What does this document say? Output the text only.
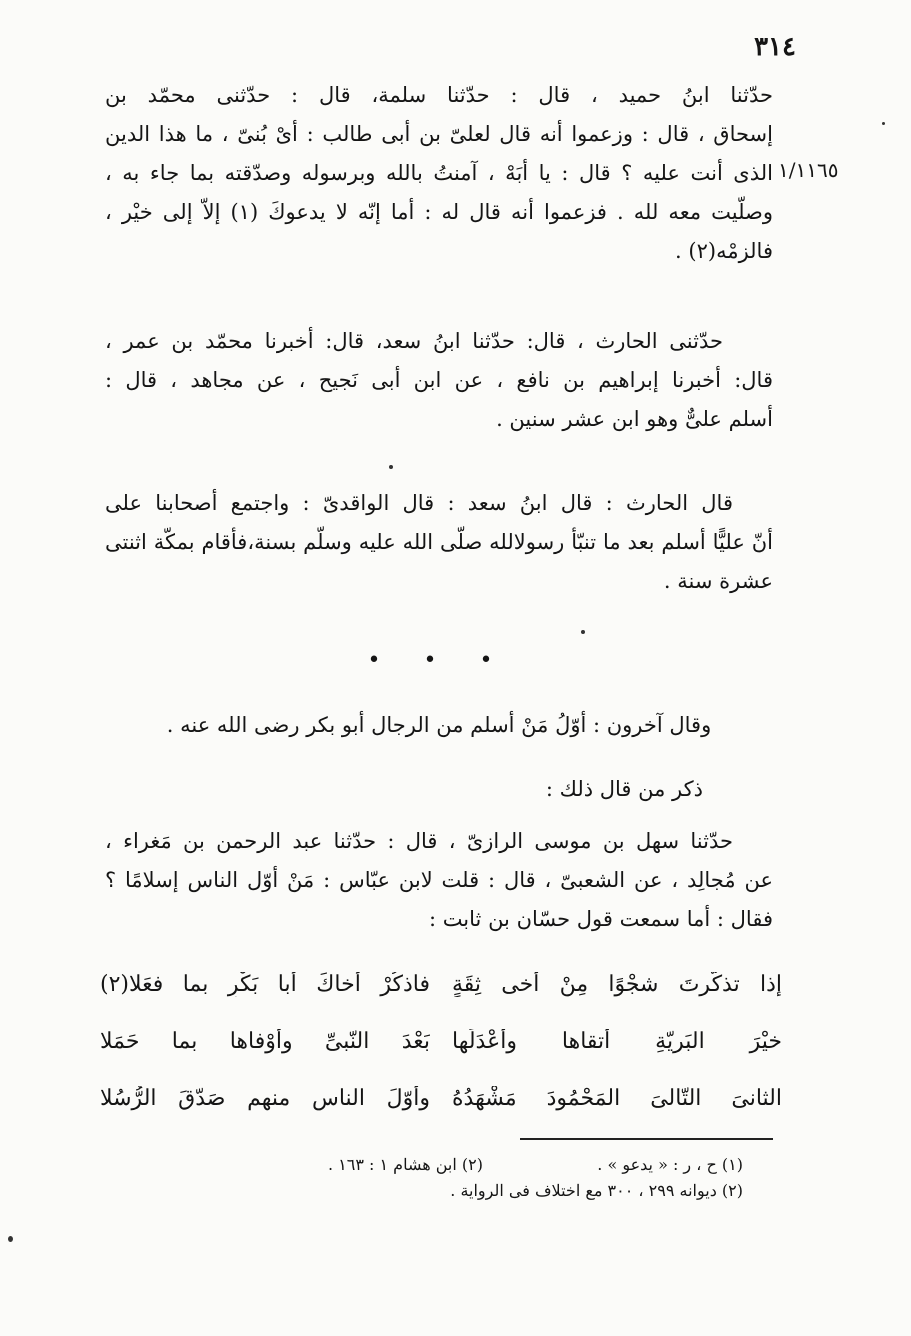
٣١٤
١/١١٦٥
حدّثنا ابنُ حميد ، قال : حدّثنا سلمة، قال : حدّثنى محمّد بن
إسحاق ، قال : وزعموا أنه قال لعلىّ بن أبى طالب : أىْ بُنىّ ، ما هذا الدين
الذى أنت عليه ؟ قال : يا أبَهْ ، آمنتُ بالله وبرسوله وصدّقته بما جاء به ،
وصلّيت معه لله . فزعموا أنه قال له : أما إنّه لا يدعوكَ (١) إلاّ إلى خيْر ،
فالزمْه(٢) .
حدّثنى الحارث ، قال: حدّثنا ابنُ سعد، قال: أخبرنا محمّد بن عمر ،
قال: أخبرنا إبراهيم بن نافع ، عن ابن أبى نَجيح ، عن مجاهد ، قال :
أسلم علىٌّ وهو ابن عشر سنين .
قال الحارث : قال ابنُ سعد : قال الواقدىّ : واجتمع أصحابنا على
أنّ عليًّا أسلم بعد ما تنبّأ رسولالله صلّى الله عليه وسلّم بسنة،فأقام بمكّة اثنتى
عشرة سنة .
• • •
وقال آخرون : أوّلُ مَنْ أسلم من الرجال أبو بكر رضى الله عنه .
ذكر من قال ذلك :
حدّثنا سهل بن موسى الرازىّ ، قال : حدّثنا عبد الرحمن بن مَغراء ،
عن مُجالِد ، عن الشعبىّ ، قال : قلت لابن عبّاس : مَنْ أوّل الناس إسلامًا ؟
فقال : أما سمعت قول حسّان بن ثابت :
إذا تذكّرتَ شجْوًا مِنْ أخى ثِقَةٍ
فاذكُرْ أخاكَ أبا بَكْرٍ بما فعَلا(٢)
خيْرَ البَرِيّةِ أتقاها وأعْدَلَها
بَعْدَ النّبىِّ وأوْفاها بما حَمَلا
الثانىَ التّالىَ المَحْمُودَ مَشْهَدُهُ
وأوّلَ الناسِ منهم صَدّقَ الرُّسُلا
(١) ح ، ر : « يدعو » .
(٢) ابن هشام ١ : ١٦٣ .
(٢) ديوانه ٢٩٩ ، ٣٠٠ مع اختلاف فى الرواية .
